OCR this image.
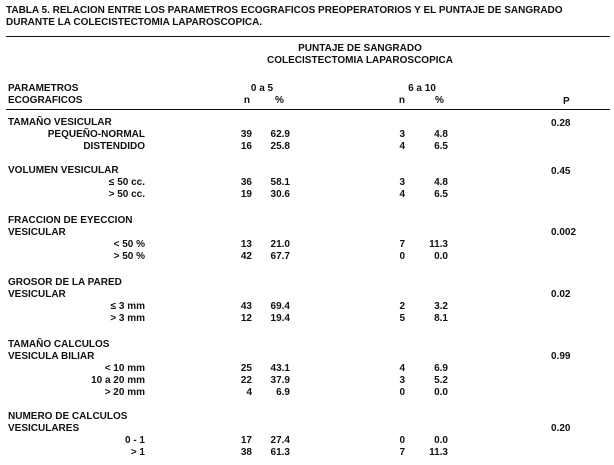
TABLA 5. RELACION ENTRE LOS PARAMETROS ECOGRAFICOS PREOPERATORIOS Y EL PUNTAJE DE SANGRADO DURANTE LA COLECISTECTOMIA LAPAROSCOPICA.
PUNTAJE DE SANGRADO
COLECISTECTOMIA LAPAROSCOPICA
PARAMETROS
ECOGRAFICOS
0 a 5	6 a 10
n	%	n	%	P
TAMAÑO VESICULAR	0.28
PEQUEÑO-NORMAL	39	62.9	3	4.8
DISTENDIDO	16	25.8	4	6.5
VOLUMEN VESICULAR	0.45
≤ 50 cc.	36	58.1	3	4.8
> 50 cc.	19	30.6	4	6.5
FRACCION DE EYECCION
VESICULAR	0.002
< 50 %	13	21.0	7	11.3
> 50 %	42	67.7	0	0.0
GROSOR DE LA PARED
VESICULAR	0.02
≤ 3 mm	43	69.4	2	3.2
> 3 mm	12	19.4	5	8.1
TAMAÑO CALCULOS
VESICULA BILIAR	0.99
< 10 mm	25	43.1	4	6.9
10 a 20 mm	22	37.9	3	5.2
> 20 mm	4	6.9	0	0.0
NUMERO DE CALCULOS
VESICULARES	0.20
0 - 1	17	27.4	0	0.0
> 1	38	61.3	7	11.3
